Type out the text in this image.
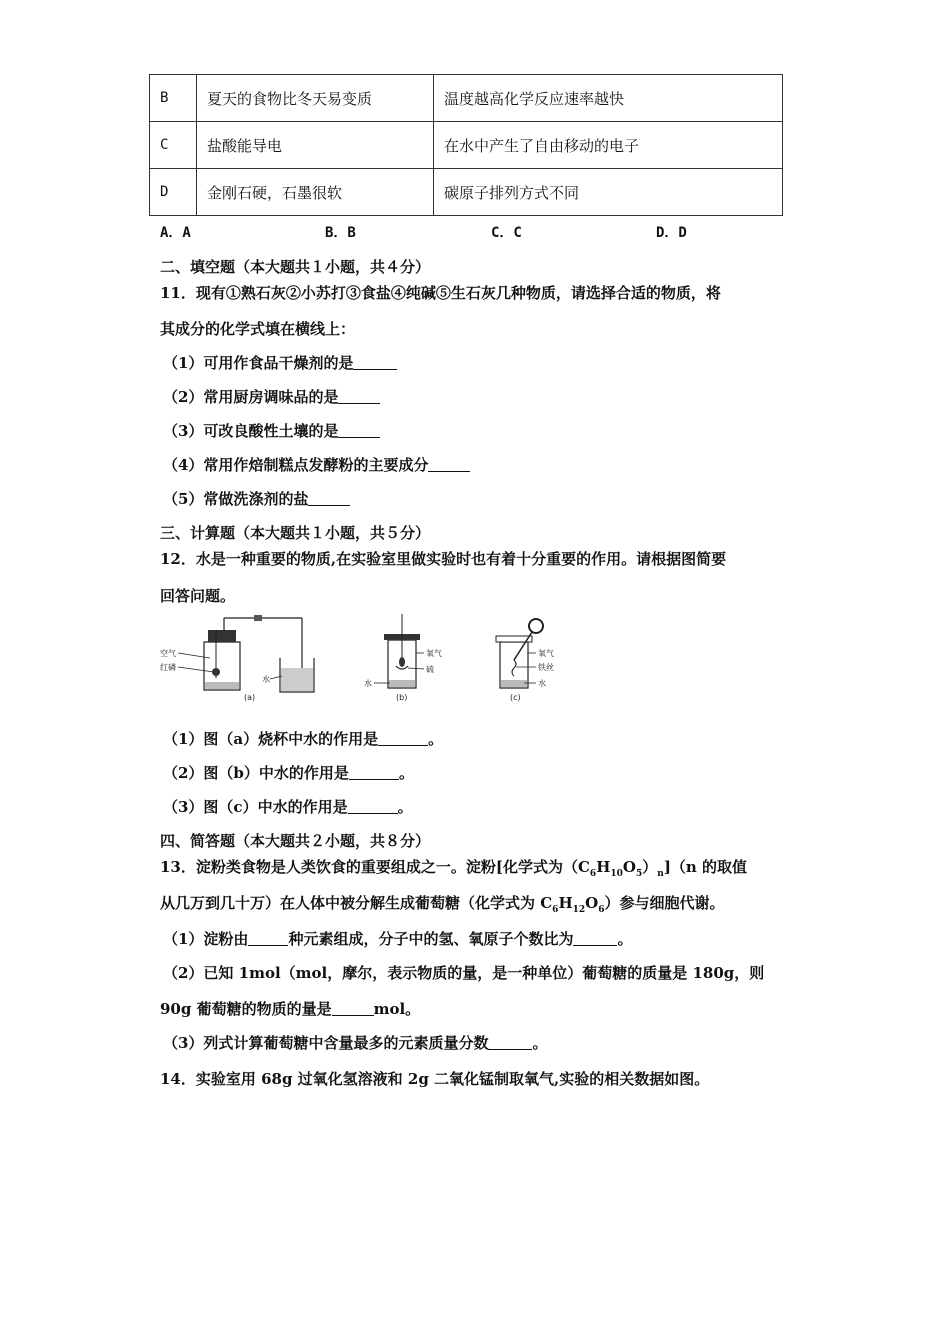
B	夏天的食物比冬天易变质	温度越高化学反应速率越快
C	盐酸能导电	在水中产生了自由移动的电子
D	金刚石硬，石墨很软	碳原子排列方式不同
A．A	B．B	C．C	D．D
二、填空题（本大题共１小题，共４分）
11．现有①熟石灰②小苏打③食盐④纯碱⑤生石灰几种物质，请选择合适的物质，将
其成分的化学式填在横线上：
（1）可用作食品干燥剂的是
（2）常用厨房调味品的是
（3）可改良酸性土壤的是
（4）常用作焙制糕点发酵粉的主要成分
（5）常做洗涤剂的盐
三、计算题（本大题共１小题，共５分）
12．水是一种重要的物质,在实验室里做实验时也有着十分重要的作用。请根据图简要
回答问题。
空气
红磷
水
(a)
氧气
硫
水
(b)
氧气
铁丝
水
(c)
（1）图（a）烧杯中水的作用是	。
（2）图（b）中水的作用是	。
（3）图（c）中水的作用是	。
四、简答题（本大题共２小题，共８分）
13．淀粉类食物是人类饮食的重要组成之一。淀粉[化学式为$(C_6H_{10}O_5)_n](n$ 的取值
从几万到几十万）在人体中被分解生成葡萄糖（化学式为 $C_6H_{12}O_6$）参与细胞代谢。
（1）淀粉由	种元素组成，分子中的氢、氧原子个数比为	。
（2）已知 1mol（mol，摩尔，表示物质的量，是一种单位）葡萄糖的质量是 180g，则
90g 葡萄糖的物质的量是	mol。
（3）列式计算葡萄糖中含量最多的元素质量分数	。
14．实验室用 68g 过氧化氢溶液和 2g 二氧化锰制取氧气,实验的相关数据如图。
